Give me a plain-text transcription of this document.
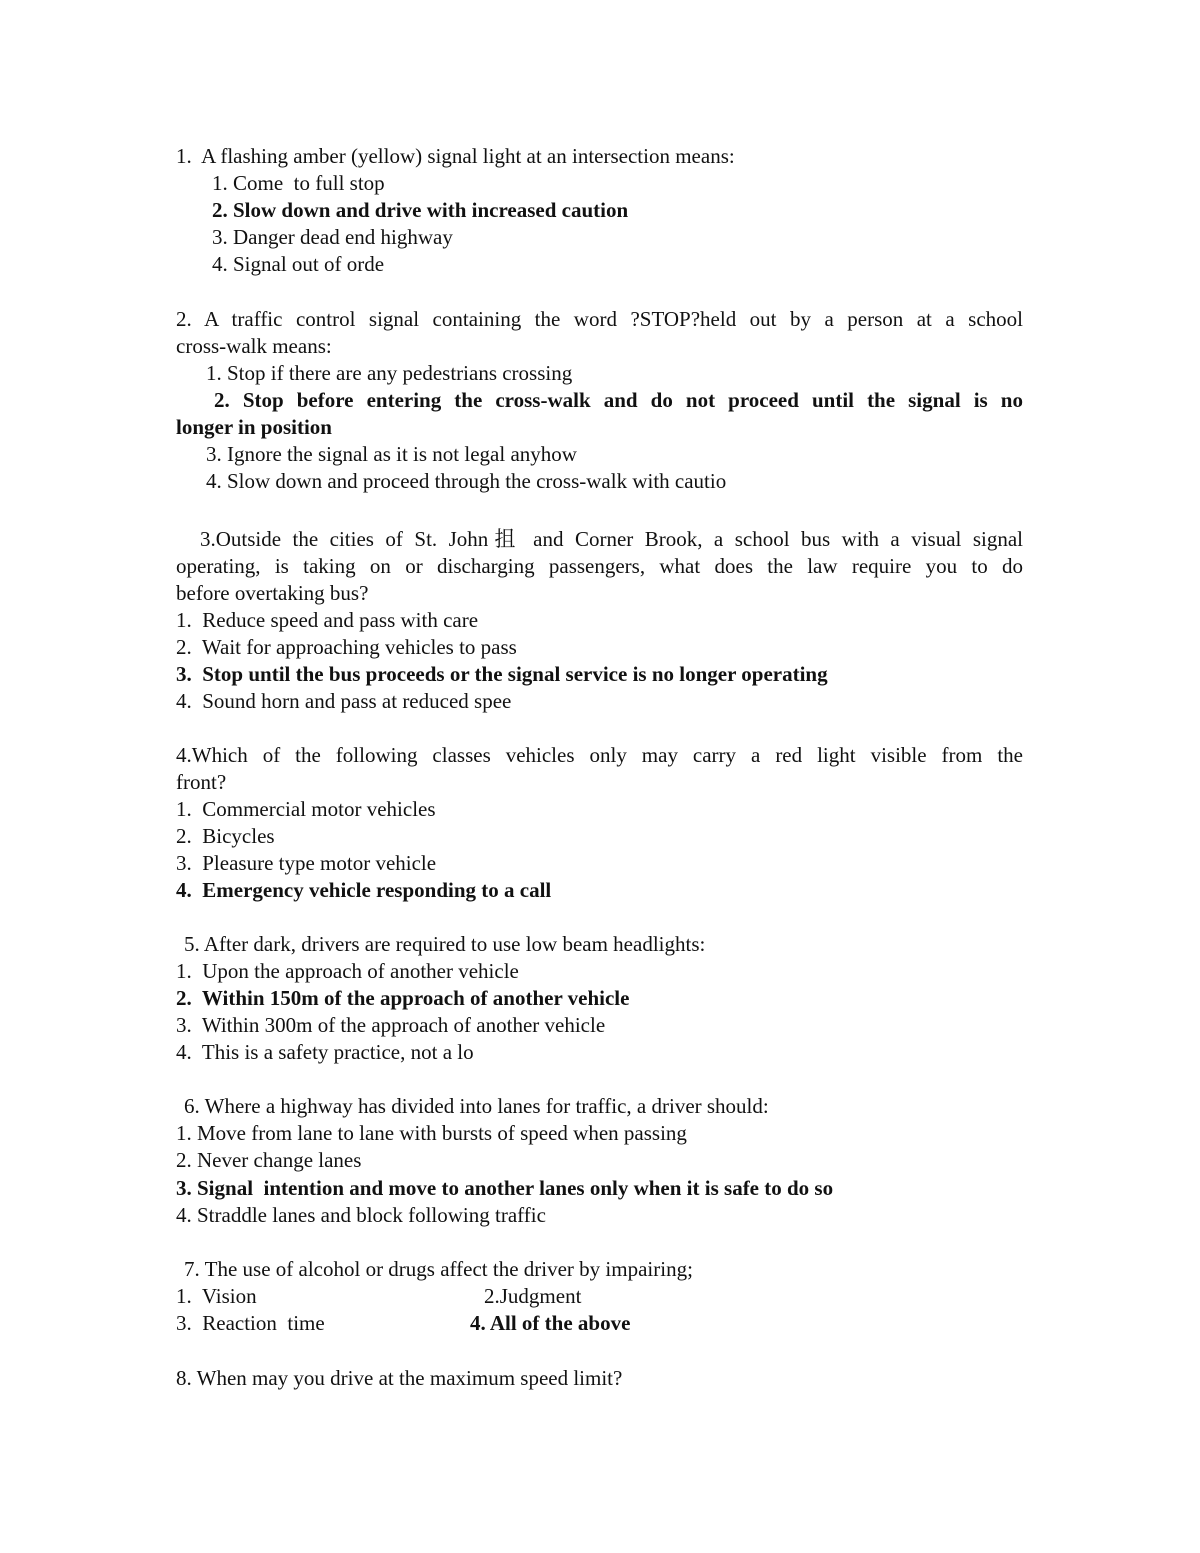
1.  A flashing amber (yellow) signal light at an intersection means:
1. Come  to full stop
2. Slow down and drive with increased caution
3. Danger dead end highway
4. Signal out of orde
2. A traffic control signal containing the word ?STOP?held out by a person at a school
cross-walk means:
1. Stop if there are any pedestrians crossing
2. Stop before entering the cross-walk and do not proceed until the signal is no
longer in position
3. Ignore the signal as it is not legal anyhow
4. Slow down and proceed through the cross-walk with cautio
3.Outside the cities of St. John抯 and Corner Brook, a school bus with a visual signal
operating, is taking on or discharging passengers, what does the law require you to do
before overtaking bus?
1.  Reduce speed and pass with care
2.  Wait for approaching vehicles to pass
3.  Stop until the bus proceeds or the signal service is no longer operating
4.  Sound horn and pass at reduced spee
4.Which of the following classes vehicles only may carry a red light visible from the
front?
1.  Commercial motor vehicles
2.  Bicycles
3.  Pleasure type motor vehicle
4.  Emergency vehicle responding to a call
5. After dark, drivers are required to use low beam headlights:
1.  Upon the approach of another vehicle
2.  Within 150m of the approach of another vehicle
3.  Within 300m of the approach of another vehicle
4.  This is a safety practice, not a lo
6. Where a highway has divided into lanes for traffic, a driver should:
1. Move from lane to lane with bursts of speed when passing
2. Never change lanes
3. Signal  intention and move to another lanes only when it is safe to do so
4. Straddle lanes and block following traffic
7. The use of alcohol or drugs affect the driver by impairing;
1.  Vision	2.Judgment
3.  Reaction  time	4. All of the above
8. When may you drive at the maximum speed limit?
